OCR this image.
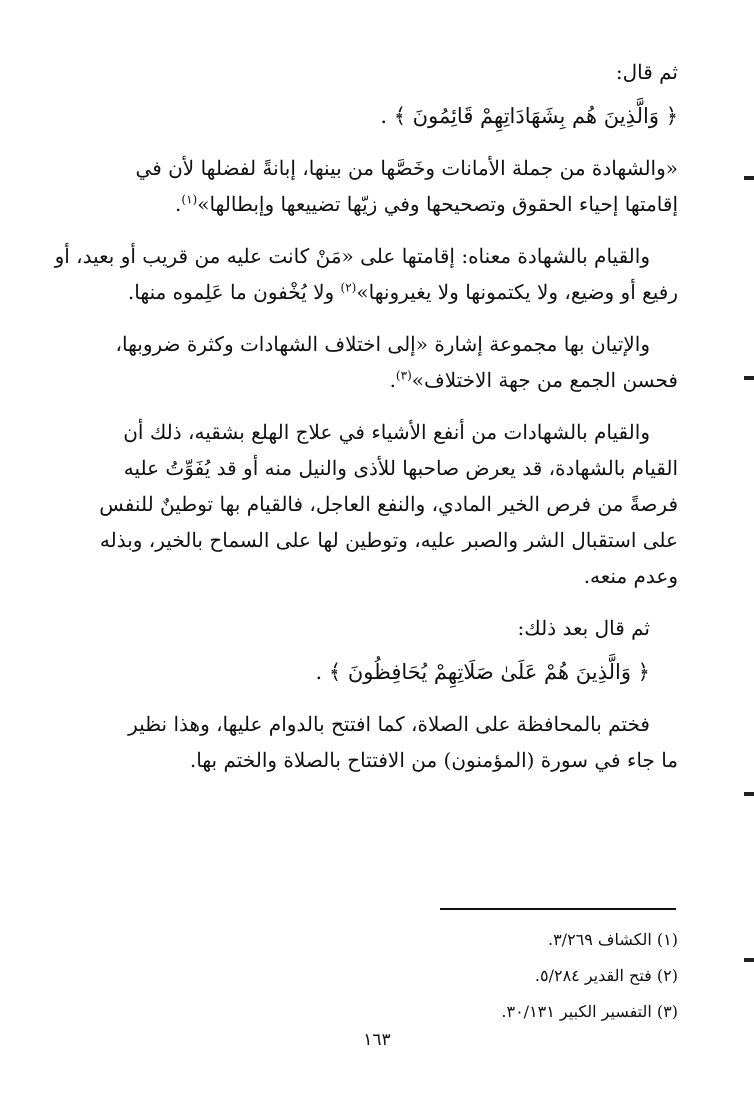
ثم قال:

﴿ وَالَّذِينَ هُم بِشَهَادَاتِهِمْ قَائِمُونَ ﴾ .

«والشهادة من جملة الأمانات وخَصَّها من بينها، إبانةً لفضلها لأن في

إقامتها إحياء الحقوق وتصحيحها وفي زيّها تضييعها وإبطالها»$^{(١)}$.

والقيام بالشهادة معناه: إقامتها على «مَنْ كانت عليه من قريب أو بعيد، أو

رفيع أو وضيع، ولا يكتمونها ولا يغيرونها»$^{(٢)}$ ولا يُخْفون ما عَلِموه منها.

والإتيان بها مجموعة إشارة «إلى اختلاف الشهادات وكثرة ضروبها،

فحسن الجمع من جهة الاختلاف»$^{(٣)}$.

والقيام بالشهادات من أنفع الأشياء في علاج الهلع بشقيه، ذلك أن

القيام بالشهادة، قد يعرض صاحبها للأذى والنيل منه أو قد يُفَوِّتُ عليه

فرصةً من فرص الخير المادي، والنفع العاجل، فالقيام بها توطينٌ للنفس

على استقبال الشر والصبر عليه، وتوطين لها على السماح بالخير، وبذله

وعدم منعه.

ثم قال بعد ذلك:

﴿ وَالَّذِينَ هُمْ عَلَىٰ صَلَاتِهِمْ يُحَافِظُونَ ﴾ .

فختم بالمحافظة على الصلاة، كما افتتح بالدوام عليها، وهذا نظير

ما جاء في سورة (المؤمنون) من الافتتاح بالصلاة والختم بها.

(١) الكشاف ٣/٢٦٩.
(٢) فتح القدير ٥/٢٨٤.
(٣) التفسير الكبير ٣٠/١٣١.
١٦٣
